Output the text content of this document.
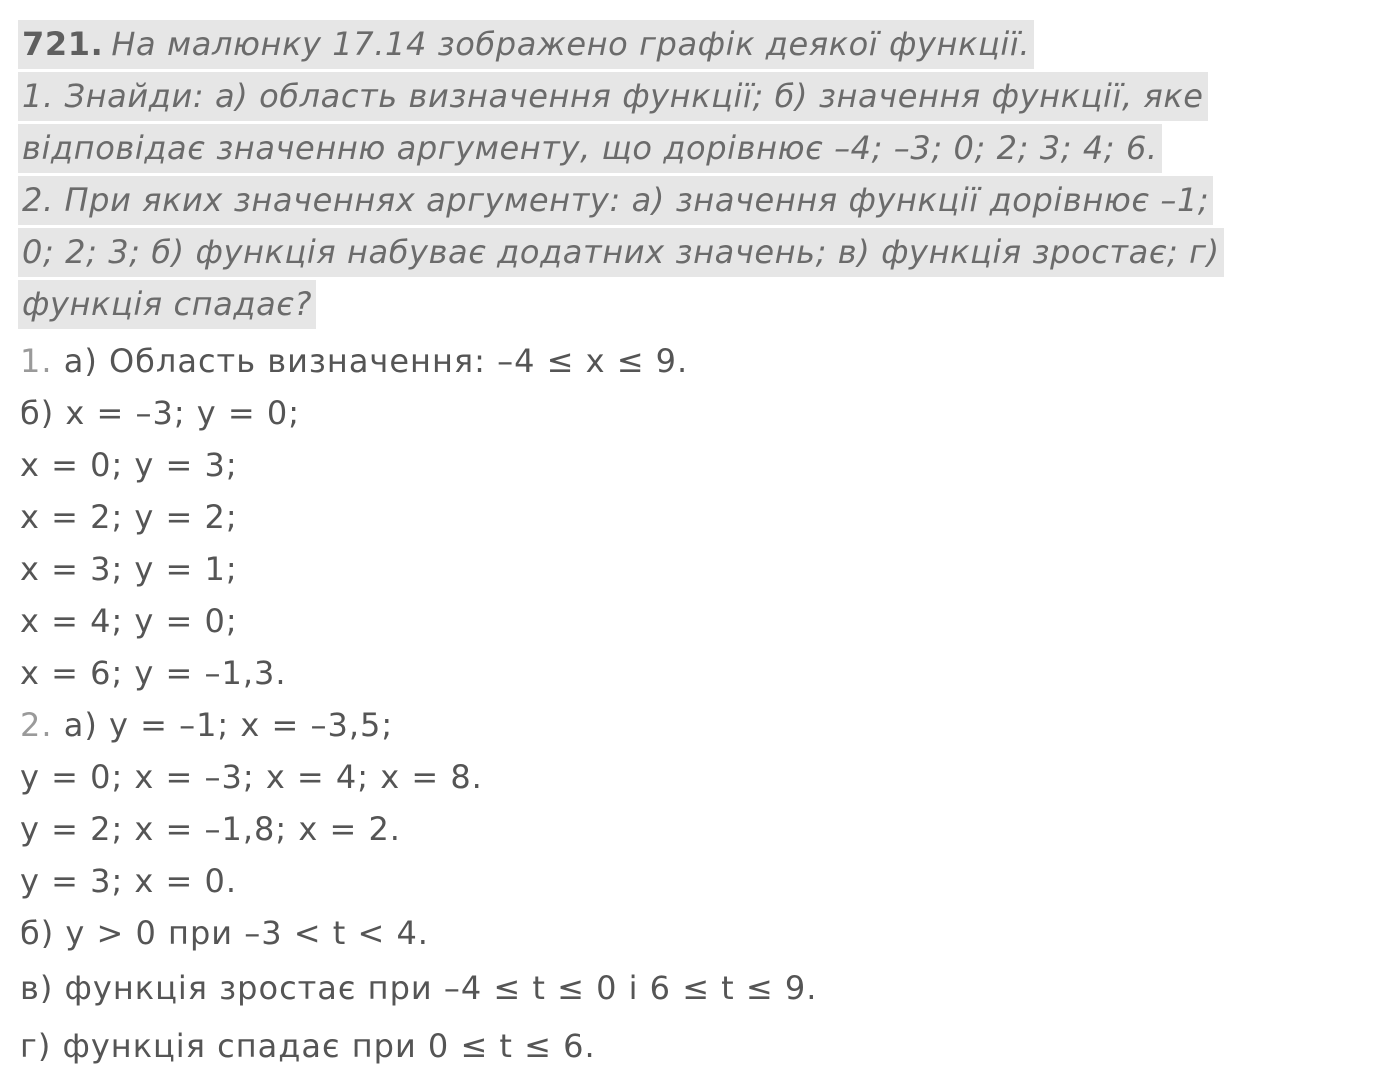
721. На малюнку 17.14 зображено графік деякої функції.
1. Знайди: а) область визначення функції; б) значення функції, яке
відповідає значенню аргументу, що дорівнює –4; –3; 0; 2; 3; 4; 6.
2. При яких значеннях аргументу: а) значення функції дорівнює –1;
0; 2; 3; б) функція набуває додатних значень; в) функція зростає; г)
функція спадає?
1. а) Область визначення: –4 ≤ x ≤ 9.
б) x = –3; y = 0;
x = 0; y = 3;
x = 2; y = 2;
x = 3; y = 1;
x = 4; y = 0;
x = 6; y = –1,3.
2. а) y = –1; x = –3,5;
y = 0; x = –3; x = 4; x = 8.
y = 2; x = –1,8; x = 2.
y = 3; x = 0.
б) y > 0 при –3 < t < 4.
в) функція зростає при –4 ≤ t ≤ 0 і 6 ≤ t ≤ 9.
г) функція спадає при 0 ≤ t ≤ 6.
